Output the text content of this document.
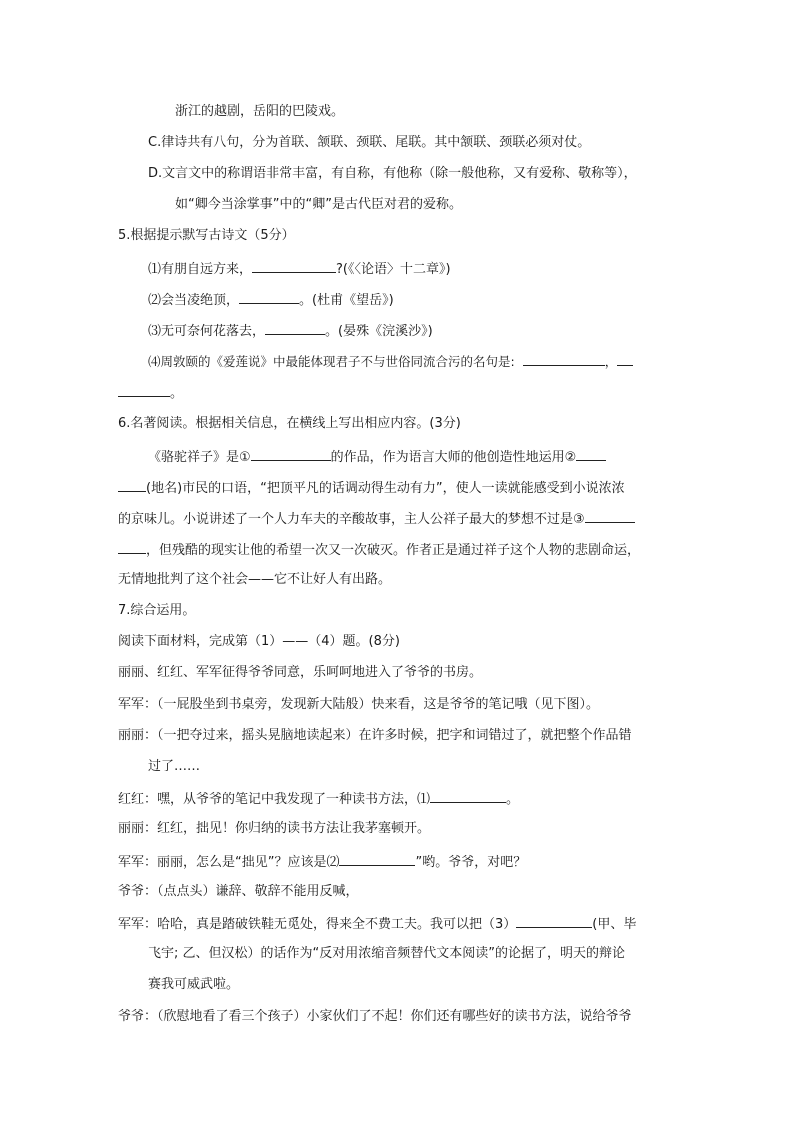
浙江的越剧，岳阳的巴陵戏。
C.律诗共有八句，分为首联、颔联、颈联、尾联。其中颔联、颈联必须对仗。
D.文言文中的称谓语非常丰富，有自称，有他称（除一般他称，又有爱称、敬称等），
如“卿今当涂掌事”中的“卿”是古代臣对君的爱称。
5.根据提示默写古诗文（5分）
⑴有朋自远方来，	?(《〈论语〉十二章》)
⑵会当凌绝顶，	。(杜甫《望岳》)
⑶无可奈何花落去，	。(晏殊《浣溪沙》)
⑷周敦颐的《爱莲说》中最能体现君子不与世俗同流合污的名句是:	，
。
6.名著阅读。根据相关信息，在横线上写出相应内容。(3分)
《骆驼祥子》是①	的作品，作为语言大师的他创造性地运用②
(地名)市民的口语，“把顶平凡的话调动得生动有力”，使人一读就能感受到小说浓浓
的京味儿。小说讲述了一个人力车夫的辛酸故事，主人公祥子最大的梦想不过是③
，但残酷的现实让他的希望一次又一次破灭。作者正是通过祥子这个人物的悲剧命运，
无情地批判了这个社会——它不让好人有出路。
7.综合运用。
阅读下面材料，完成第（1）——（4）题。(8分)
丽丽、红红、军军征得爷爷同意，乐呵呵地进入了爷爷的书房。
军军：（一屁股坐到书桌旁，发现新大陆般）快来看，这是爷爷的笔记哦（见下图）。
丽丽：（一把夺过来，摇头晃脑地读起来）在许多时候，把字和词错过了，就把整个作品错
过了……
红红：嘿，从爷爷的笔记中我发现了一种读书方法，⑴	。
丽丽：红红，拙见！你归纳的读书方法让我茅塞顿开。
军军：丽丽，怎么是“拙见”？应该是⑵	”哟。爷爷，对吧？
爷爷：（点点头）谦辞、敬辞不能用反喊，
军军：哈哈，真是踏破铁鞋无觅处，得来全不费工夫。我可以把（3）	(甲、毕
飞宇; 乙、但汉松）的话作为“反对用浓缩音频替代文本阅读”的论据了，明天的辩论
赛我可威武啦。
爷爷：（欣慰地看了看三个孩子）小家伙们了不起！你们还有哪些好的读书方法，说给爷爷
